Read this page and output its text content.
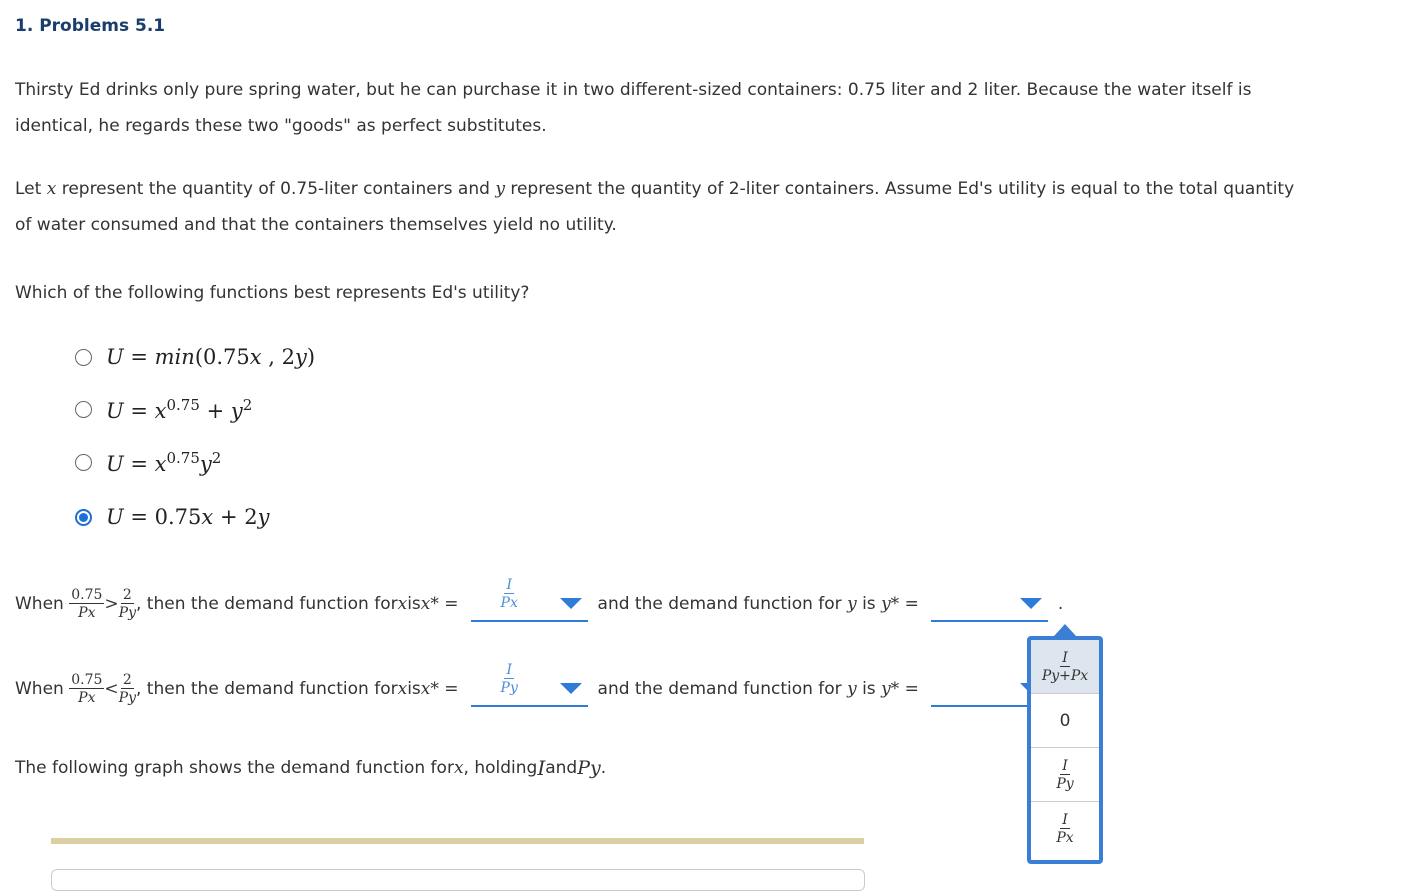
1. Problems 5.1
Thirsty Ed drinks only pure spring water, but he can purchase it in two different-sized containers: 0.75 liter and 2 liter. Because the water itself is
identical, he regards these two "goods" as perfect substitutes.
Let x represent the quantity of 0.75-liter containers and y represent the quantity of 2-liter containers. Assume Ed's utility is equal to the total quantity
of water consumed and that the containers themselves yield no utility.
Which of the following functions best represents Ed's utility?
U = min(0.75x , 2y)
$U = x^{0.75} + y^2$
$U = x^{0.75}y^2$
U = 0.75x + 2y
When
$\frac{0.75}{Px} > \frac{2}{Py}$ , then the demand function for x is x* =	$\frac{I}{Px}$	and the demand function for
y is y* =	.
When
$\frac{0.75}{Px} < \frac{2}{Py}$ , then the demand function for x is x* =	$\frac{I}{Py}$	and the demand function for
y is y* =
$\frac{I}{Py+Px}$
0
$\frac{I}{Py}$
$\frac{I}{Px}$
The following graph shows the demand function for x , holding I and Py .
